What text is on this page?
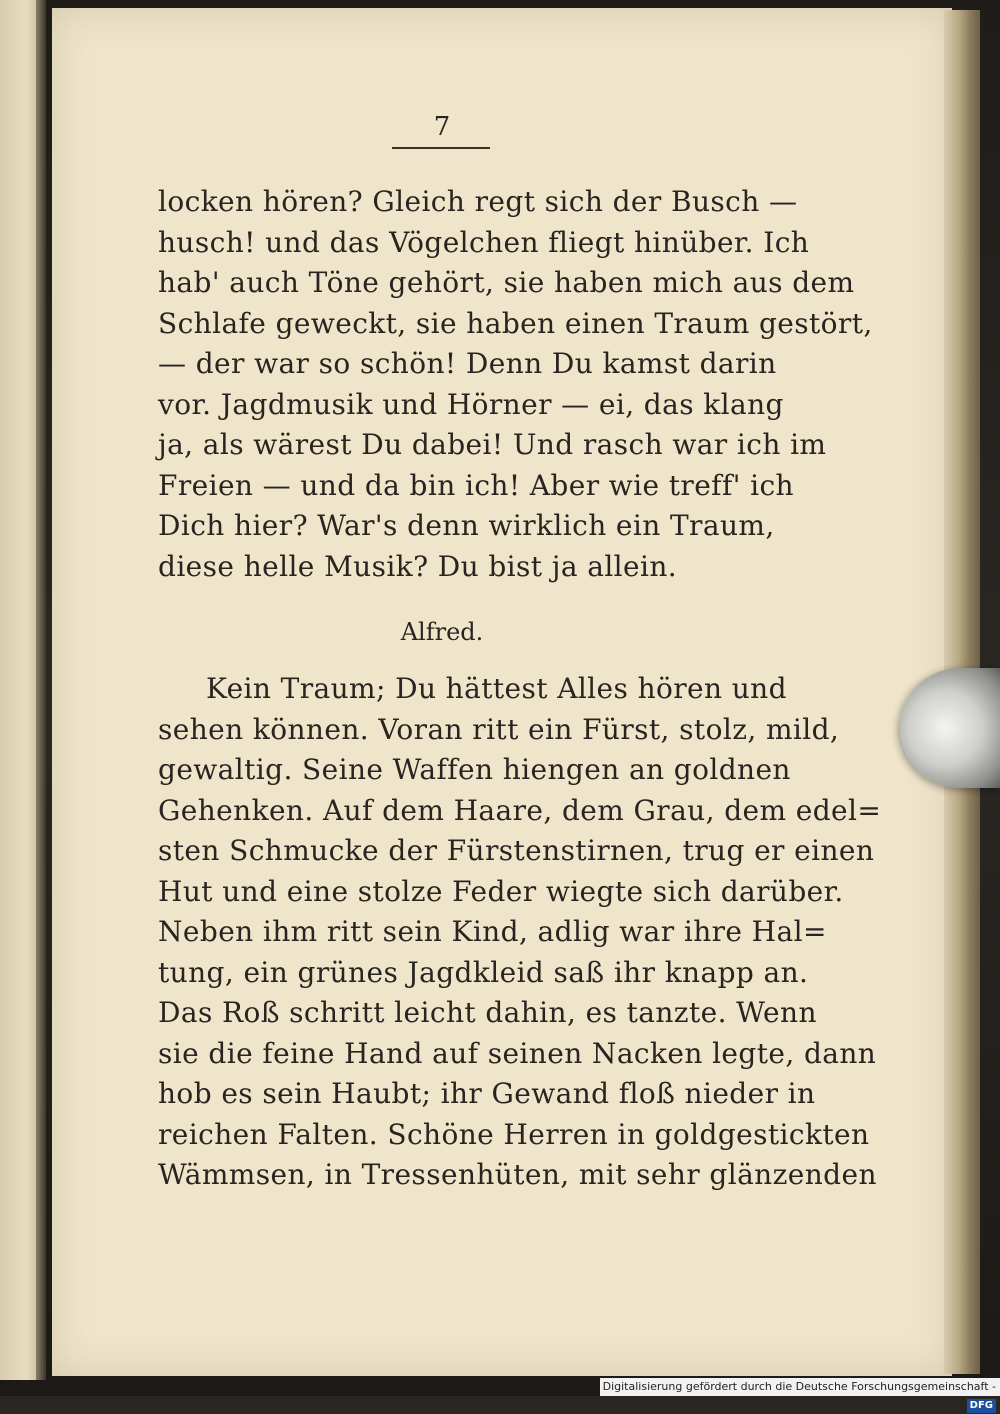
7
locken hören? Gleich regt sich der Busch —
husch! und das Vögelchen fliegt hinüber. Ich
hab' auch Töne gehört, sie haben mich aus dem
Schlafe geweckt, sie haben einen Traum gestört,
— der war so schön! Denn Du kamst darin
vor. Jagdmusik und Hörner — ei, das klang
ja, als wärest Du dabei! Und rasch war ich im
Freien — und da bin ich! Aber wie treff' ich
Dich hier? War's denn wirklich ein Traum,
diese helle Musik? Du bist ja allein.
Alfred.
Kein Traum; Du hättest Alles hören und
sehen können. Voran ritt ein Fürst, stolz, mild,
gewaltig. Seine Waffen hiengen an goldnen
Gehenken. Auf dem Haare, dem Grau, dem edel=
sten Schmucke der Fürstenstirnen, trug er einen
Hut und eine stolze Feder wiegte sich darüber.
Neben ihm ritt sein Kind, adlig war ihre Hal=
tung, ein grünes Jagdkleid saß ihr knapp an.
Das Roß schritt leicht dahin, es tanzte. Wenn
sie die feine Hand auf seinen Nacken legte, dann
hob es sein Haubt; ihr Gewand floß nieder in
reichen Falten. Schöne Herren in goldgestickten
Wämmsen, in Tressenhüten, mit sehr glänzenden
Digitalisierung gefördert durch die Deutsche Forschungsgemeinschaft -DFG
